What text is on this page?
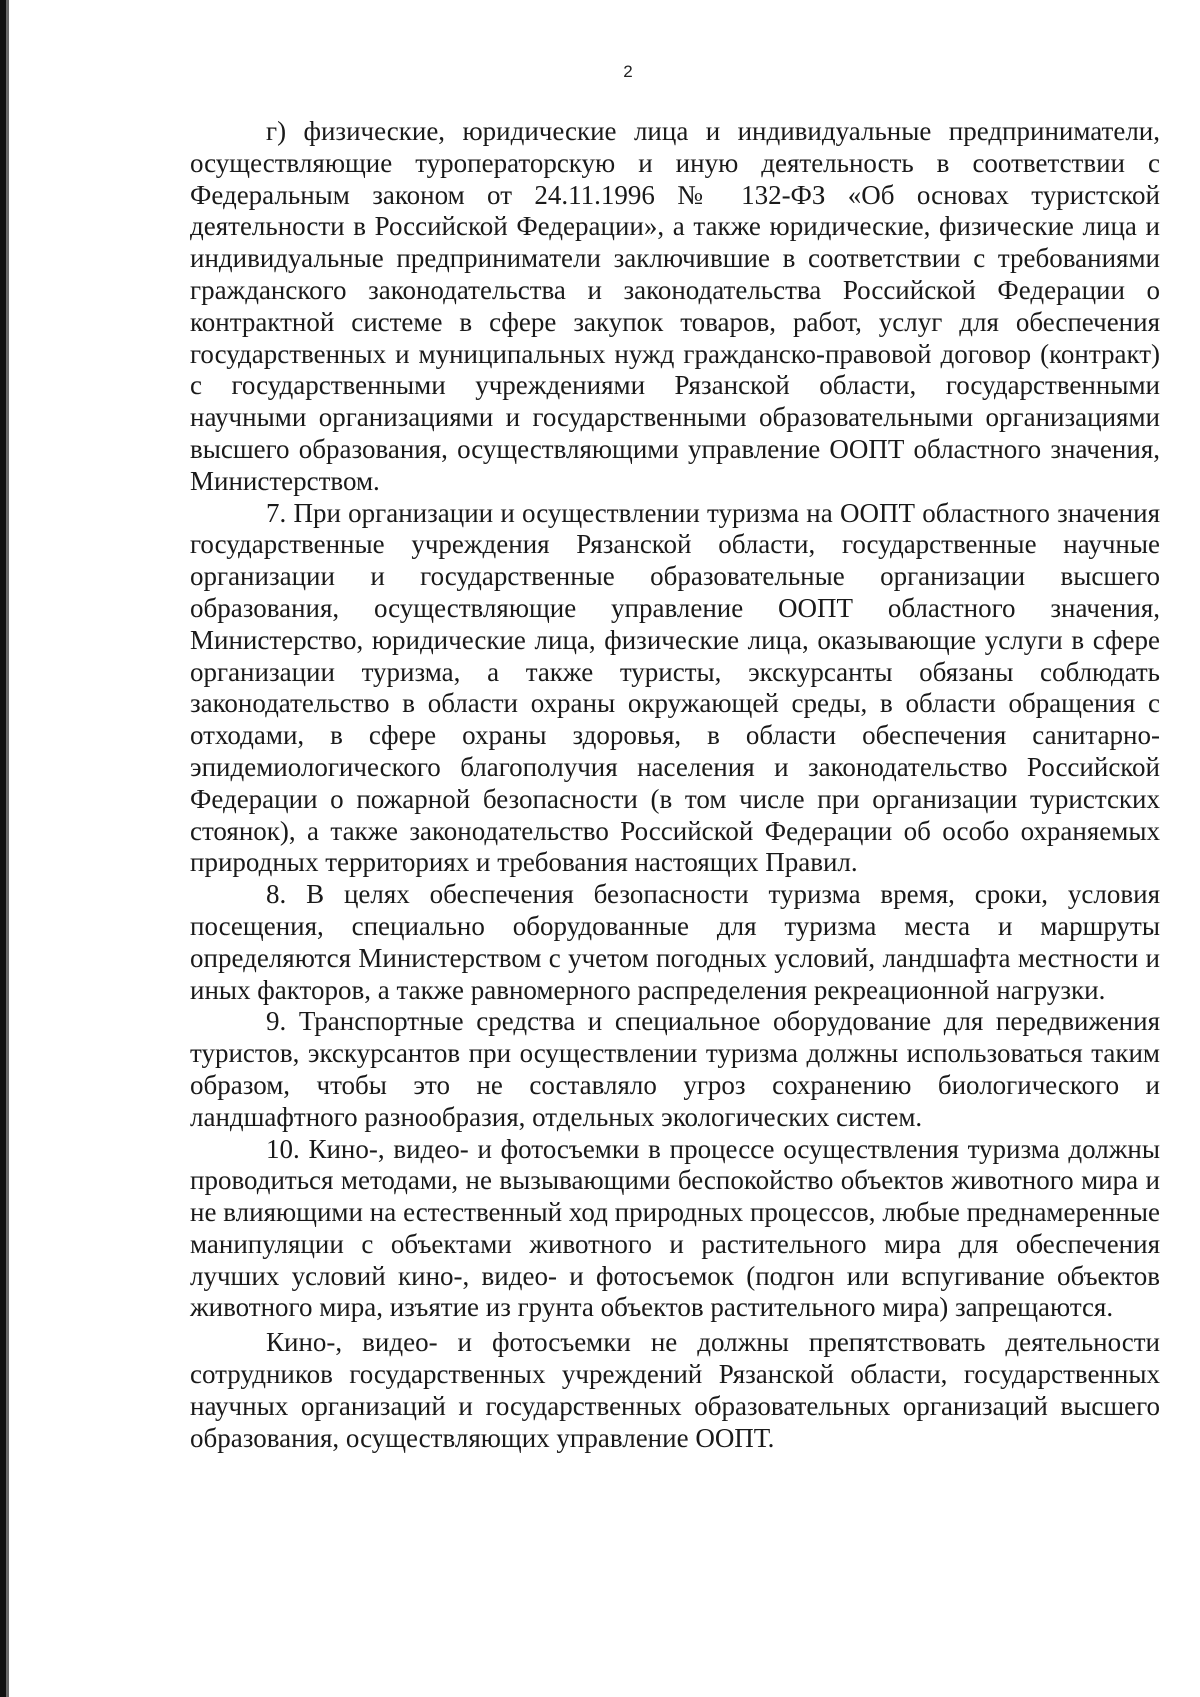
2

г) физические, юридические лица и индивидуальные предприниматели, осуществляющие туроператорскую и иную деятельность в соответствии с Федеральным законом от 24.11.1996 № 132-ФЗ «Об основах туристской деятельности в Российской Федерации», а также юридические, физические лица и индивидуальные предприниматели заключившие в соответствии с требованиями гражданского законодательства и законодательства Российской Федерации о контрактной системе в сфере закупок товаров, работ, услуг для обеспечения государственных и муниципальных нужд гражданско-правовой договор (контракт) с государственными учреждениями Рязанской области, государственными научными организациями и государственными образовательными организациями высшего образования, осуществляющими управление ООПТ областного значения, Министерством.

7. При организации и осуществлении туризма на ООПТ областного значения государственные учреждения Рязанской области, государственные научные организации и государственные образовательные организации высшего образования, осуществляющие управление ООПТ областного значения, Министерство, юридические лица, физические лица, оказывающие услуги в сфере организации туризма, а также туристы, экскурсанты обязаны соблюдать законодательство в области охраны окружающей среды, в области обращения с отходами, в сфере охраны здоровья, в области обеспечения санитарно-эпидемиологического благополучия населения и законодательство Российской Федерации о пожарной безопасности (в том числе при организации туристских стоянок), а также законодательство Российской Федерации об особо охраняемых природных территориях и требования настоящих Правил.

8. В целях обеспечения безопасности туризма время, сроки, условия посещения, специально оборудованные для туризма места и маршруты определяются Министерством с учетом погодных условий, ландшафта местности и иных факторов, а также равномерного распределения рекреационной нагрузки.

9. Транспортные средства и специальное оборудование для передвижения туристов, экскурсантов при осуществлении туризма должны использоваться таким образом, чтобы это не составляло угроз сохранению биологического и ландшафтного разнообразия, отдельных экологических систем.

10. Кино-, видео- и фотосъемки в процессе осуществления туризма должны проводиться методами, не вызывающими беспокойство объектов животного мира и не влияющими на естественный ход природных процессов, любые преднамеренные манипуляции с объектами животного и растительного мира для обеспечения лучших условий кино-, видео- и фотосъемок (подгон или вспугивание объектов животного мира, изъятие из грунта объектов растительного мира) запрещаются.

Кино-, видео- и фотосъемки не должны препятствовать деятельности сотрудников государственных учреждений Рязанской области, государственных научных организаций и государственных образовательных организаций высшего образования, осуществляющих управление ООПТ.
